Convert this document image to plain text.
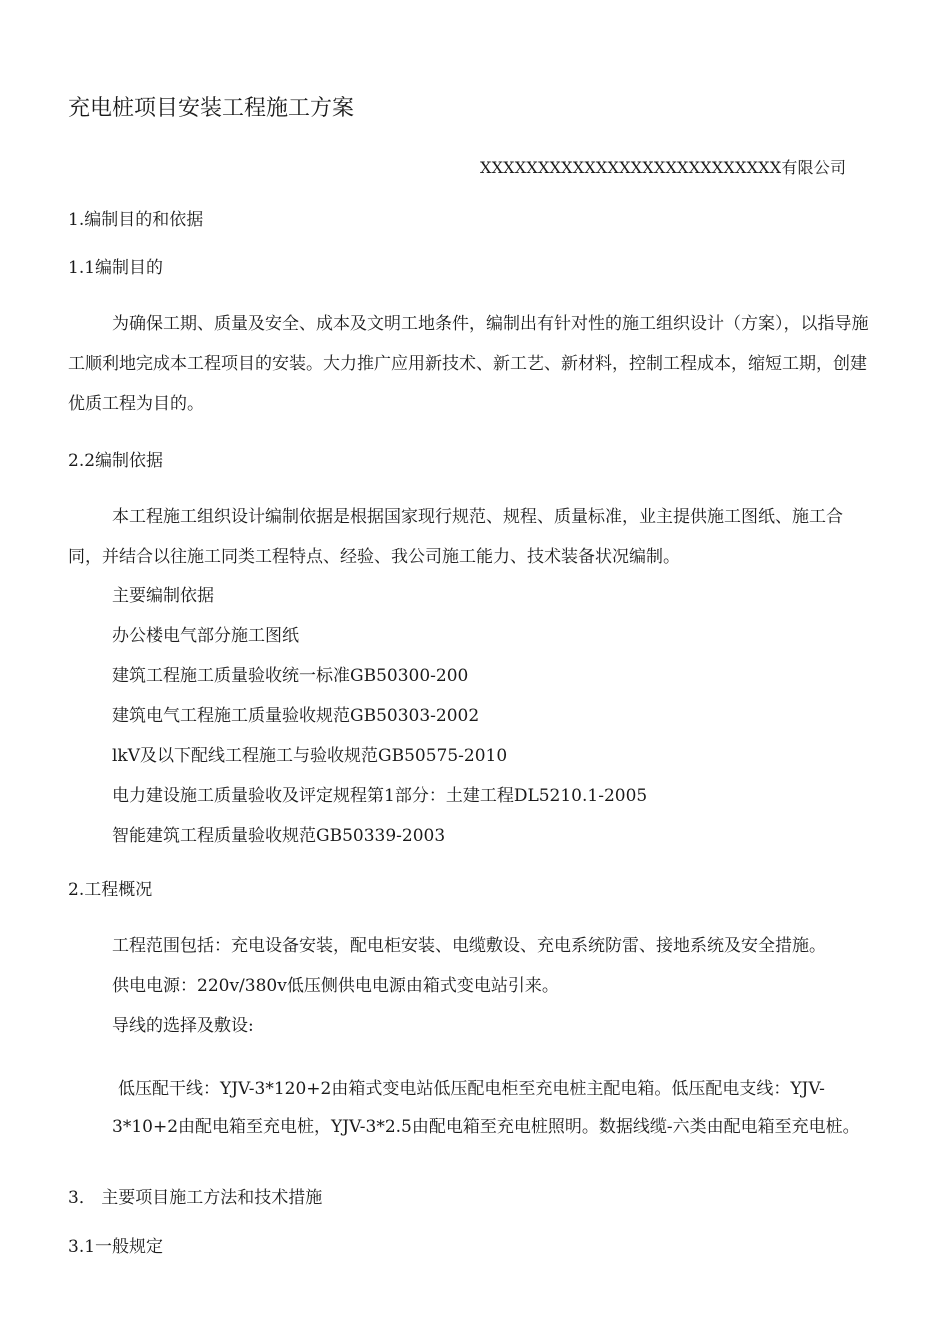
充电桩项目安装工程施工方案
XXXXXXXXXXXXXXXXXXXXXXXXXX有限公司
1.编制目的和依据
1.1编制目的
为确保工期、质量及安全、成本及文明工地条件，编制出有针对性的施工组织设计（方案），以指导施工顺利地完成本工程项目的安装。大力推广应用新技术、新工艺、新材料，控制工程成本，缩短工期，创建优质工程为目的。
2.2编制依据
本工程施工组织设计编制依据是根据国家现行规范、规程、质量标准，业主提供施工图纸、施工合同，并结合以往施工同类工程特点、经验、我公司施工能力、技术装备状况编制。
主要编制依据
办公楼电气部分施工图纸
建筑工程施工质量验收统一标准GB50300-200
建筑电气工程施工质量验收规范GB50303-2002
lkV及以下配线工程施工与验收规范GB50575-2010
电力建设施工质量验收及评定规程第1部分：土建工程DL5210.1-2005
智能建筑工程质量验收规范GB50339-2003
2.工程概况
工程范围包括：充电设备安装，配电柜安装、电缆敷设、充电系统防雷、接地系统及安全措施。
供电电源：220v/380v低压侧供电电源由箱式变电站引来。
导线的选择及敷设:
低压配干线：YJV-3*120+2由箱式变电站低压配电柜至充电桩主配电箱。低压配电支线：YJV-3*10+2由配电箱至充电桩，YJV-3*2.5由配电箱至充电桩照明。数据线缆-六类由配电箱至充电桩。
3． 主要项目施工方法和技术措施
3.1一般规定
